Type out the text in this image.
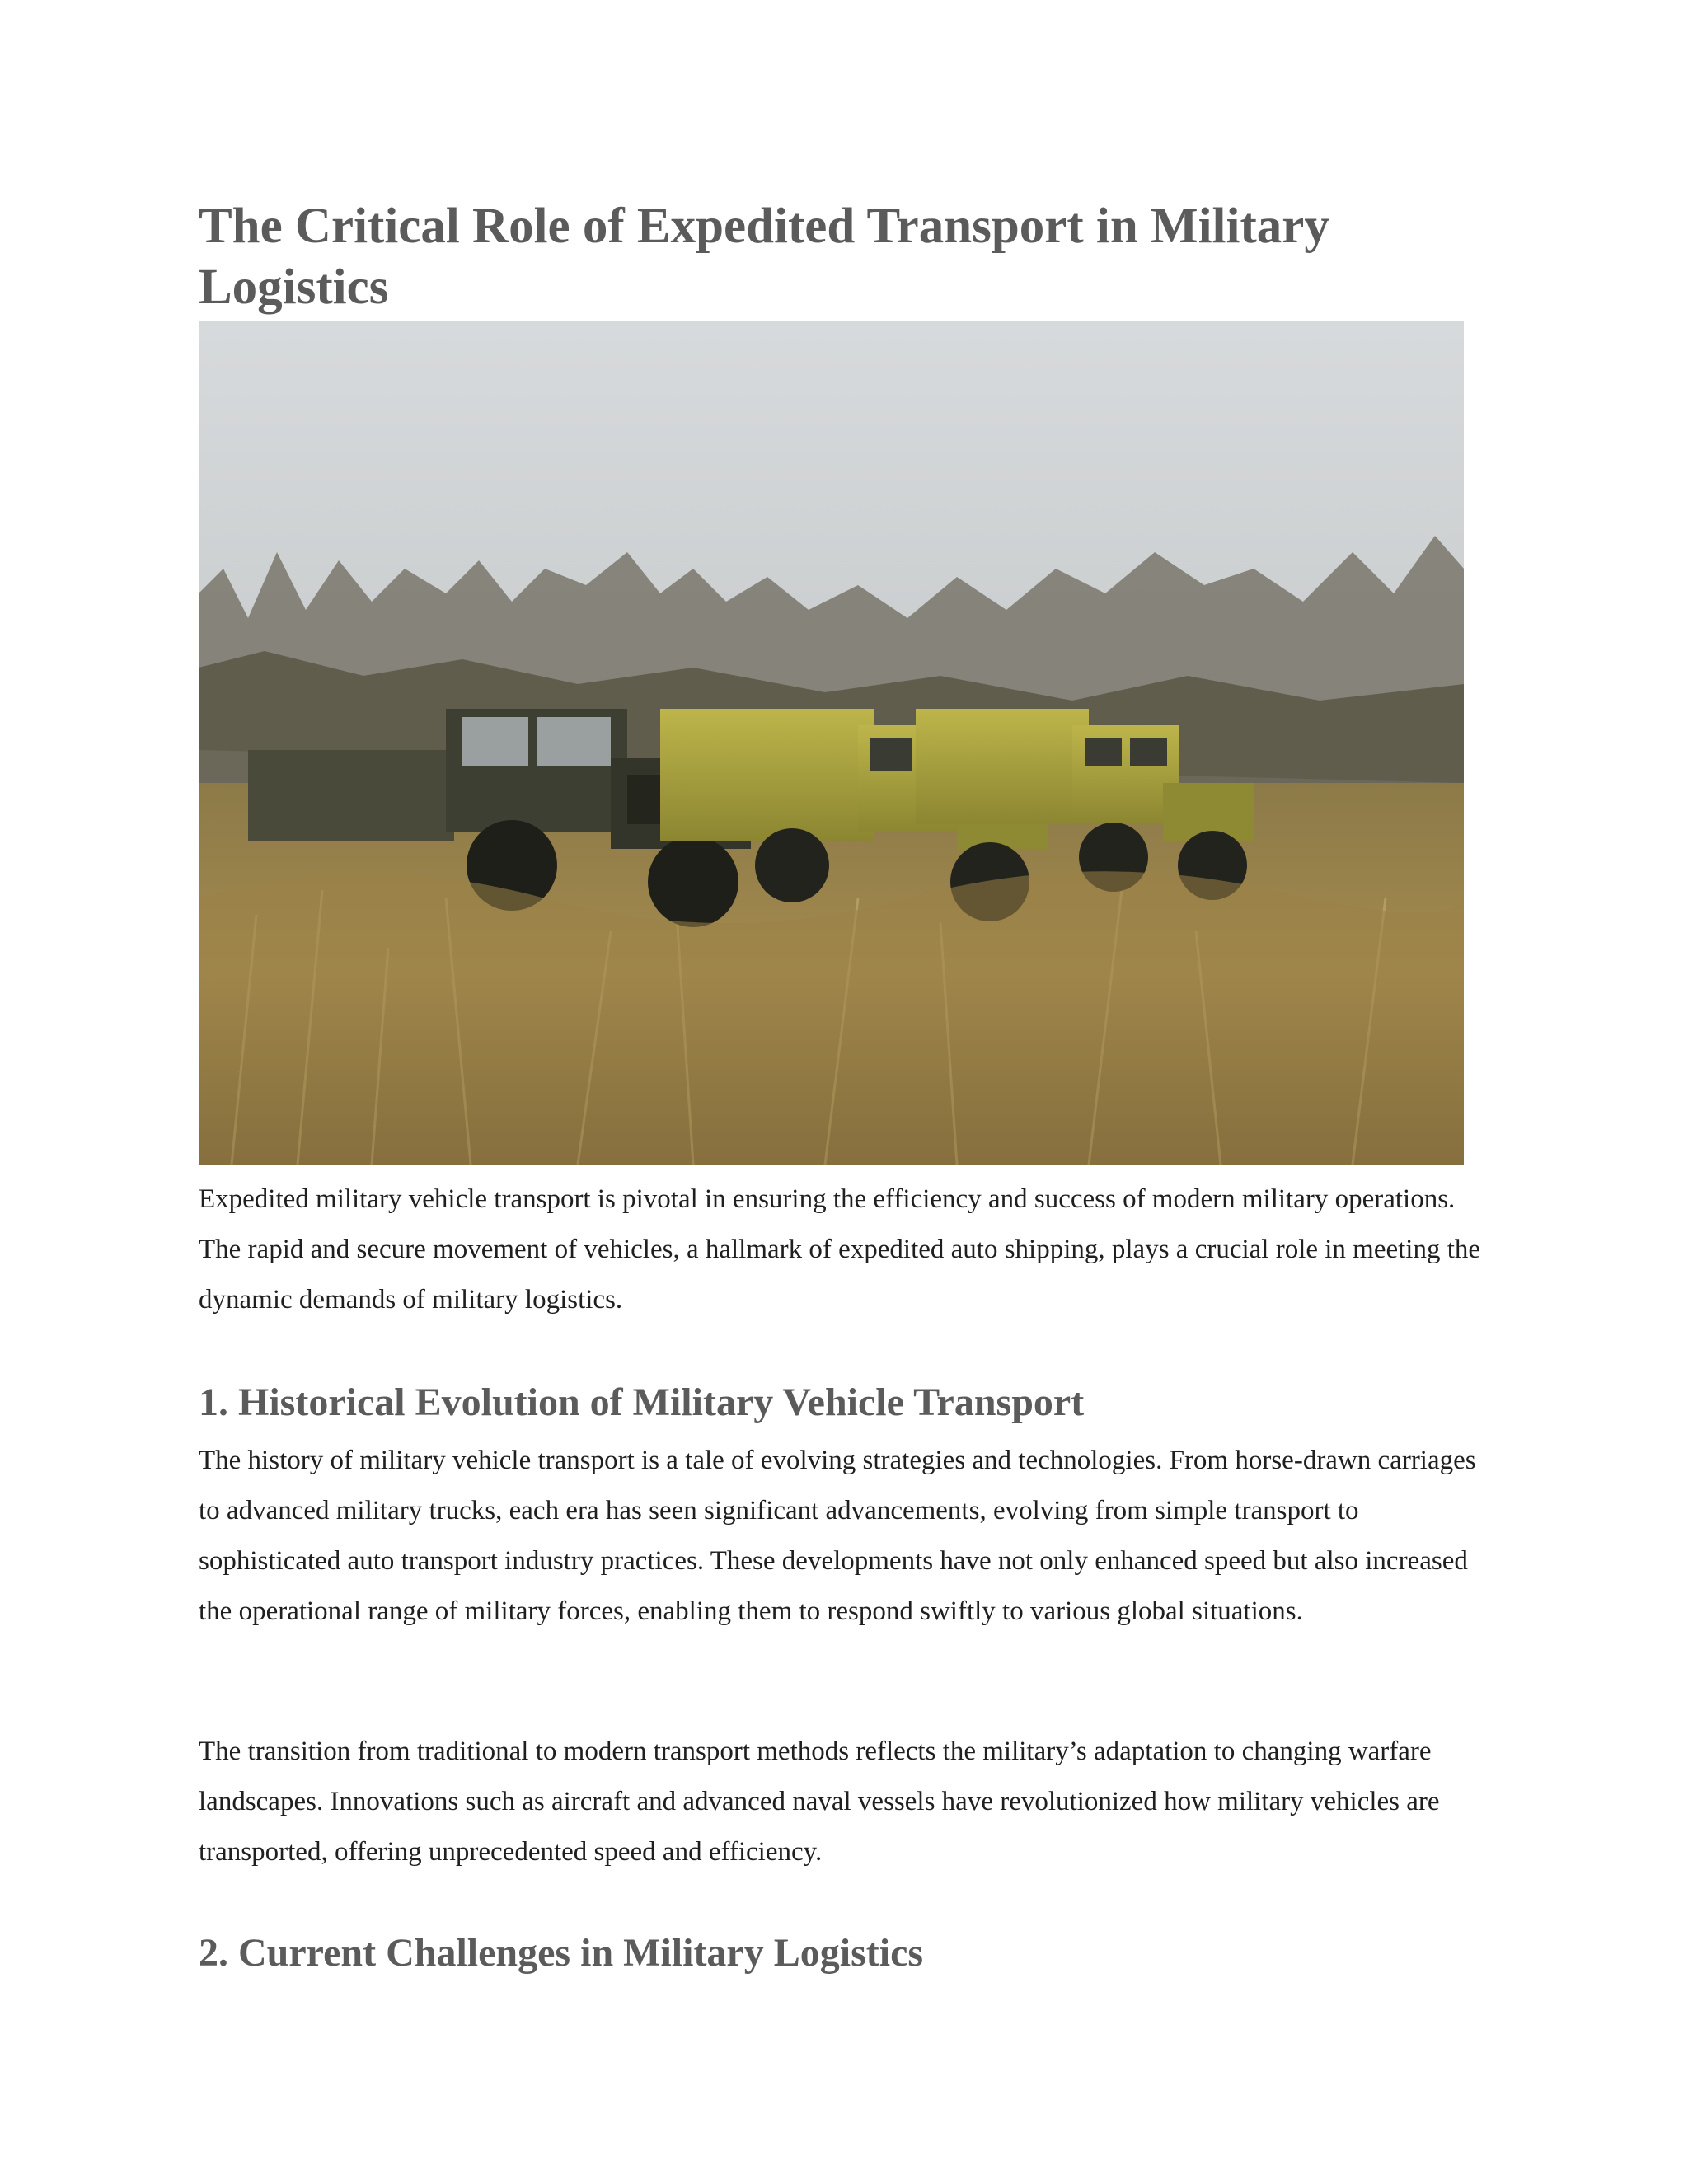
The Critical Role of Expedited Transport in Military Logistics

Expedited military vehicle transport is pivotal in ensuring the efficiency and success of modern military operations. The rapid and secure movement of vehicles, a hallmark of expedited auto shipping, plays a crucial role in meeting the dynamic demands of military logistics.

1. Historical Evolution of Military Vehicle Transport

The history of military vehicle transport is a tale of evolving strategies and technologies. From horse-drawn carriages to advanced military trucks, each era has seen significant advancements, evolving from simple transport to sophisticated auto transport industry practices. These developments have not only enhanced speed but also increased the operational range of military forces, enabling them to respond swiftly to various global situations.

The transition from traditional to modern transport methods reflects the military’s adaptation to changing warfare landscapes. Innovations such as aircraft and advanced naval vessels have revolutionized how military vehicles are transported, offering unprecedented speed and efficiency.

2. Current Challenges in Military Logistics
